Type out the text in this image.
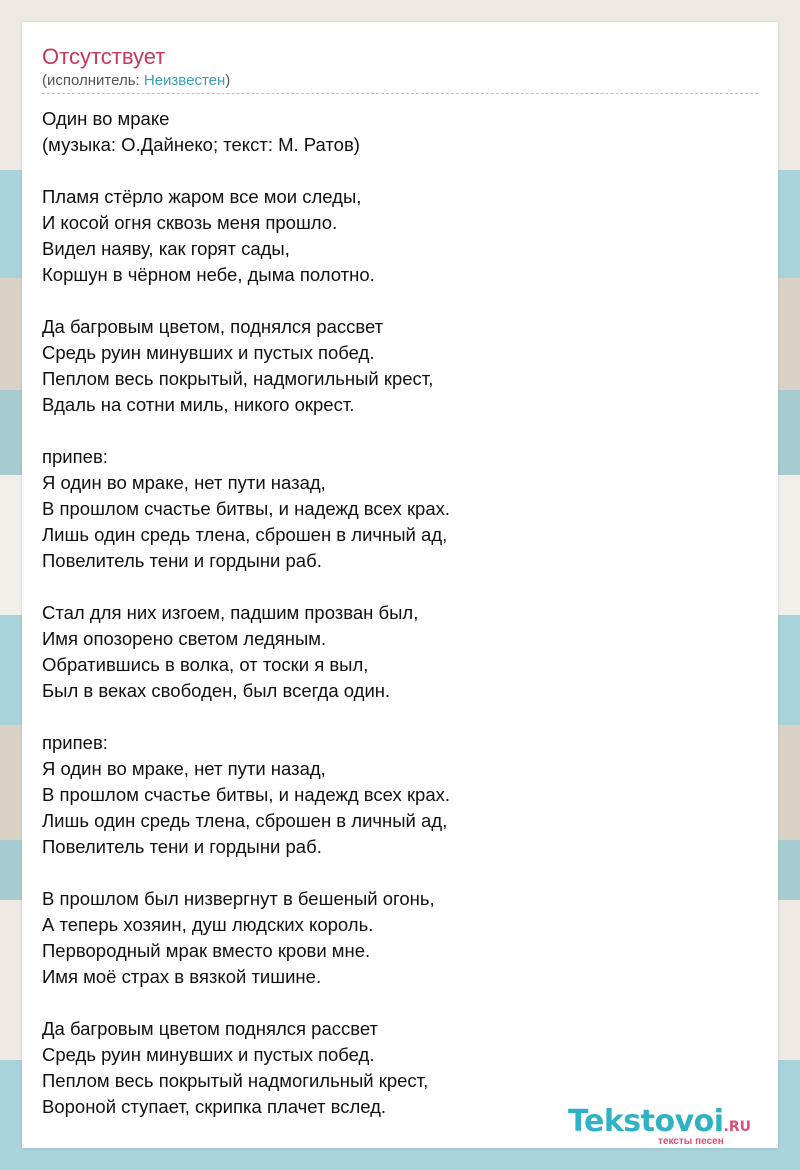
Отсутствует
(исполнитель: Неизвестен)
Один во мраке
(музыка: О.Дайнеко; текст: М. Ратов)
Пламя стёрло жаром все мои следы,
И косой огня сквозь меня прошло.
Видел наяву, как горят сады,
Коршун в чёрном небе, дыма полотно.
Да багровым цветом, поднялся рассвет
Средь руин минувших и пустых побед.
Пеплом весь покрытый, надмогильный крест,
Вдаль на сотни миль, никого окрест.
припев:
Я один во мраке, нет пути назад,
В прошлом счастье битвы, и надежд всех крах.
Лишь один средь тлена, сброшен в личный ад,
Повелитель тени и гордыни раб.
Стал для них изгоем, падшим прозван был,
Имя опозорено светом ледяным.
Обратившись в волка, от тоски я выл,
Был в веках свободен, был всегда один.
припев:
Я один во мраке, нет пути назад,
В прошлом счастье битвы, и надежд всех крах.
Лишь один средь тлена, сброшен в личный ад,
Повелитель тени и гордыни раб.
В прошлом был низвергнут в бешеный огонь,
А теперь хозяин, душ людских король.
Первородный мрак вместо крови мне.
Имя моё страх в вязкой тишине.
Да багровым цветом поднялся рассвет
Средь руин минувших и пустых побед.
Пеплом весь покрытый надмогильный крест,
Вороной ступает, скрипка плачет вслед.	Tekstovoi.RU
тексты песен
